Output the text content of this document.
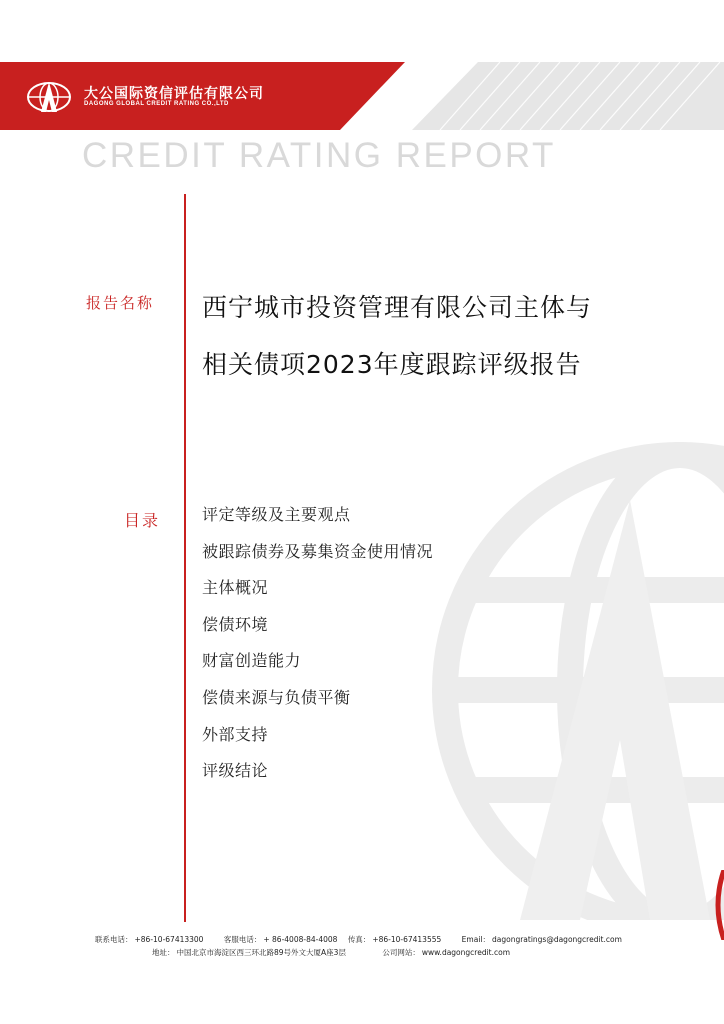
大公国际资信评估有限公司
DAGONG GLOBAL CREDIT RATING CO.,LTD
CREDIT RATING REPORT
报告名称 西宁城市投资管理有限公司主体与
相关债项2023年度跟踪评级报告
目录	评定等级及主要观点
被跟踪债券及募集资金使用情况
主体概况
偿债环境
财富创造能力
偿债来源与负债平衡
外部支持
评级结论
联系电话： +86-10-67413300	客服电话： + 86-4008-84-4008 传真： +86-10-67413555	Email： dagongratings@dagongcredit.com
地址： 中国北京市海淀区西三环北路89号外文大厦A座3层	公司网站： www.dagongcredit.com
